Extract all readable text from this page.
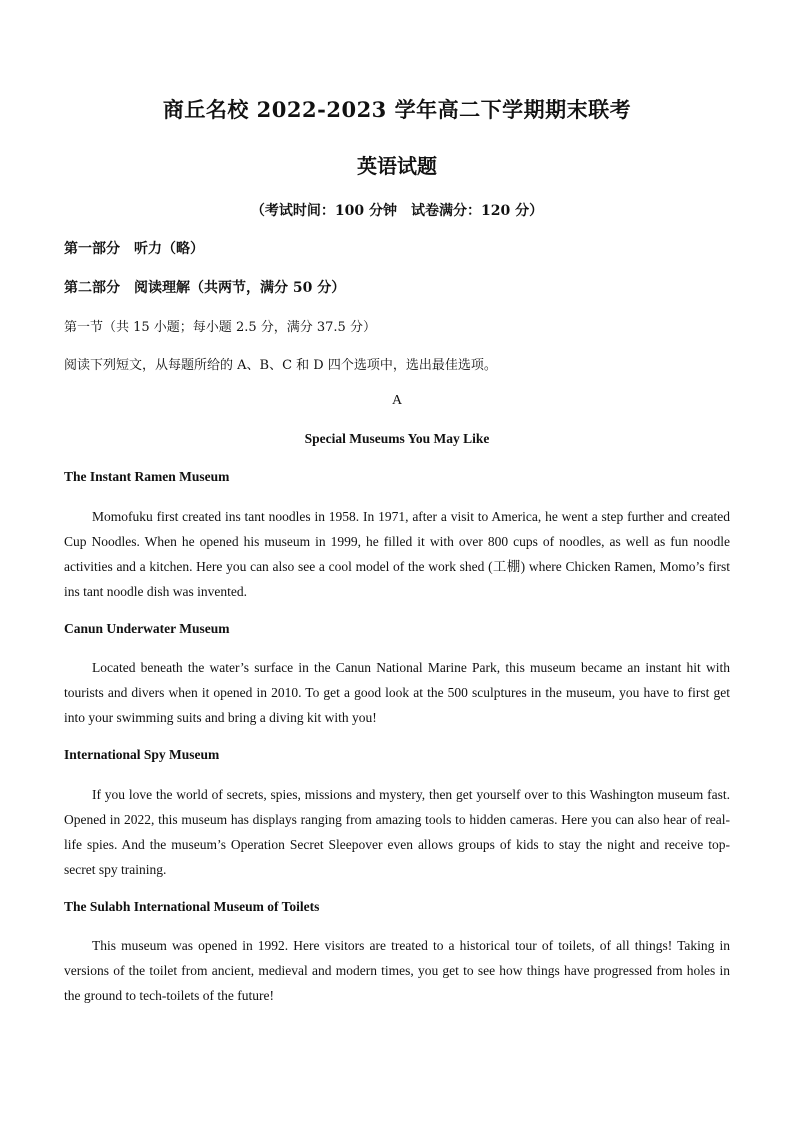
商丘名校 2022-2023 学年高二下学期期末联考
英语试题
（考试时间：100 分钟　试卷满分：120 分）
第一部分　听力（略）
第二部分　阅读理解（共两节，满分 50 分）
第一节（共 15 小题；每小题 2.5 分，满分 37.5 分）
阅读下列短文，从每题所给的 A、B、C 和 D 四个选项中，选出最佳选项。
A
Special Museums You May Like
The Instant Ramen Museum
Momofuku first created ins tant noodles in 1958. In 1971, after a visit to America, he went a step further and created Cup Noodles. When he opened his museum in 1999, he filled it with over 800 cups of noodles, as well as fun noodle activities and a kitchen. Here you can also see a cool model of the work shed (工棚) where Chicken Ramen, Momo’s first ins tant noodle dish was invented.
Canun Underwater Museum
Located beneath the water’s surface in the Canun National Marine Park, this museum became an instant hit with tourists and divers when it opened in 2010. To get a good look at the 500 sculptures in the museum, you have to first get into your swimming suits and bring a diving kit with you!
International Spy Museum
If you love the world of secrets, spies, missions and mystery, then get yourself over to this Washington museum fast. Opened in 2022, this museum has displays ranging from amazing tools to hidden cameras. Here you can also hear of real-life spies. And the museum’s Operation Secret Sleepover even allows groups of kids to stay the night and receive top-secret spy training.
The Sulabh International Museum of Toilets
This museum was opened in 1992. Here visitors are treated to a historical tour of toilets, of all things! Taking in versions of the toilet from ancient, medieval and modern times, you get to see how things have progressed from holes in the ground to tech-toilets of the future!
